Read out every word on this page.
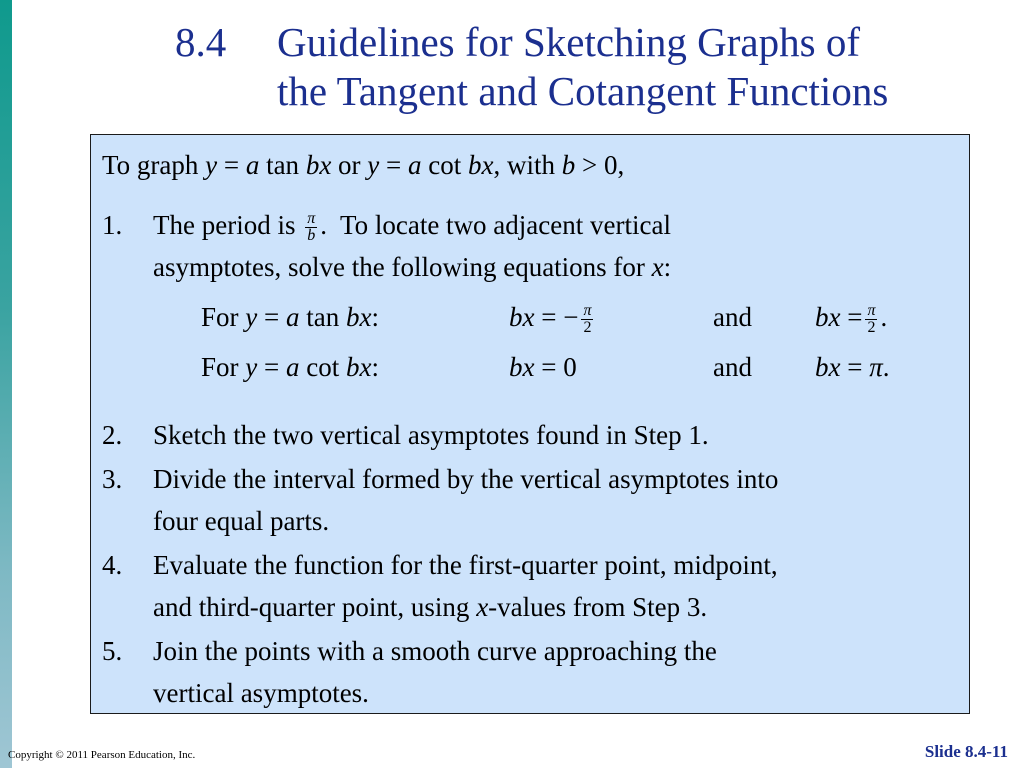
8.4 Guidelines for Sketching Graphs of
the Tangent and Cotangent Functions
To graph y = a tan bx or y = a cot bx, with b > 0,
1. The period is $\frac{\pi}{b}$ . To locate two adjacent vertical
asymptotes, solve the following equations for x:
For y = a tan bx:	bx = − $\frac{\pi}{2}$	and bx = $\frac{\pi}{2}$ .
For y = a cot bx:	bx = 0	and bx = π.
2. Sketch the two vertical asymptotes found in Step 1.
3. Divide the interval formed by the vertical asymptotes into
four equal parts.
4. Evaluate the function for the first-quarter point, midpoint,
and third-quarter point, using x-values from Step 3.
5. Join the points with a smooth curve approaching the
vertical asymptotes.
Copyright © 2011 Pearson Education, Inc.	Slide 8.4-11
